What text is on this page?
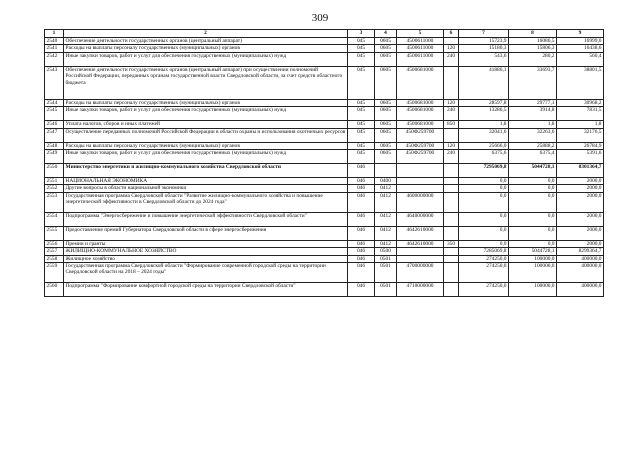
309
1	2	3	4	5	6	7	8	9
2540	Обеспечение деятельности государственных органов (центральный аппарат)	045	0605	4500611000		15723,9	16086,5	16999,0
2541	Расходы на выплаты персоналу государственных (муниципальных) органов	045	0605	4500611000	120	15180,3	15806,3	16438,6
2542	Иные закупки товаров, работ и услуг для обеспечения государственных (муниципальных) нужд	045	0605	4500611000	240	543,6	280,2	560,4
2543	Обеспечение деятельности государственных органов (центральный аппарат) при осуществлении полномочий Российской Федерации, переданных органам государственной власти Свердловской области, за счет средств областного бюджета	045	0605	4500681000		41886,1	33693,7	38801,5
2544	Расходы на выплаты персоналу государственных (муниципальных) органов	045	0605	4500681000	120	28597,8	29777,1	30968,2
2545	Иные закупки товаров, работ и услуг для обеспечения государственных (муниципальных) нужд	045	0605	4500681000	240	13286,5	3914,8	7831,5
2546	Уплата налогов, сборов и иных платежей	045	0605	4500681000	850	1,8	1,8	1,8
2547	Осуществление переданных полномочий Российской Федерации в области охраны и использования охотничьих ресурсов	045	0605	450Ф259700		32041,6	32263,6	32176,5
2548	Расходы на выплаты персоналу государственных (муниципальных) органов	045	0605	450Ф259700	120	25666,0	25888,2	26784,9
2549	Иные закупки товаров, работ и услуг для обеспечения государственных (муниципальных) нужд	045	0605	450Ф259700	240	6375,6	6375,4	5391,6
2550	Министерство энергетики и жилищно-коммунального хозяйства Свердловской области	046				7295069,8	5044728,1	8301364,7
2551	НАЦИОНАЛЬНАЯ ЭКОНОМИКА	046	0400			0,0	0,0	2000,0
2552	Другие вопросы в области национальной экономики	046	0412			0,0	0,0	2000,0
2553	Государственная программа Свердловской области "Развитие жилищно-коммунального хозяйства и повышение энергетической эффективности в Свердловской области до 2024 года"	046	0412	4600000000		0,0	0,0	2000,0
2554	Подпрограмма "Энергосбережение и повышение энергетической эффективности Свердловской области"	046	0412	4640000000		0,0	0,0	2000,0
2555	Предоставление премий Губернатора Свердловской области в сфере энергосбережения	046	0412	4642610000		0,0	0,0	2000,0
2556	Премии и гранты	046	0412	4642610000	350	0,0	0,0	2000,0
2557	ЖИЛИЩНО-КОММУНАЛЬНОЕ ХОЗЯЙСТВО	046	0500			7285069,8	5044728,1	8299364,7
2558	Жилищное хозяйство	046	0501			274250,0	100000,0	400000,0
2559	Государственная программа Свердловской области "Формирование современной городской среды на территории Свердловской области на 2018 – 2024 годы"	046	0501	4700000000		274250,0	100000,0	400000,0
2560	Подпрограмма "Формирование комфортной городской среды на территории Свердловской области"	046	0501	4710000000		274250,0	100000,0	400000,0
